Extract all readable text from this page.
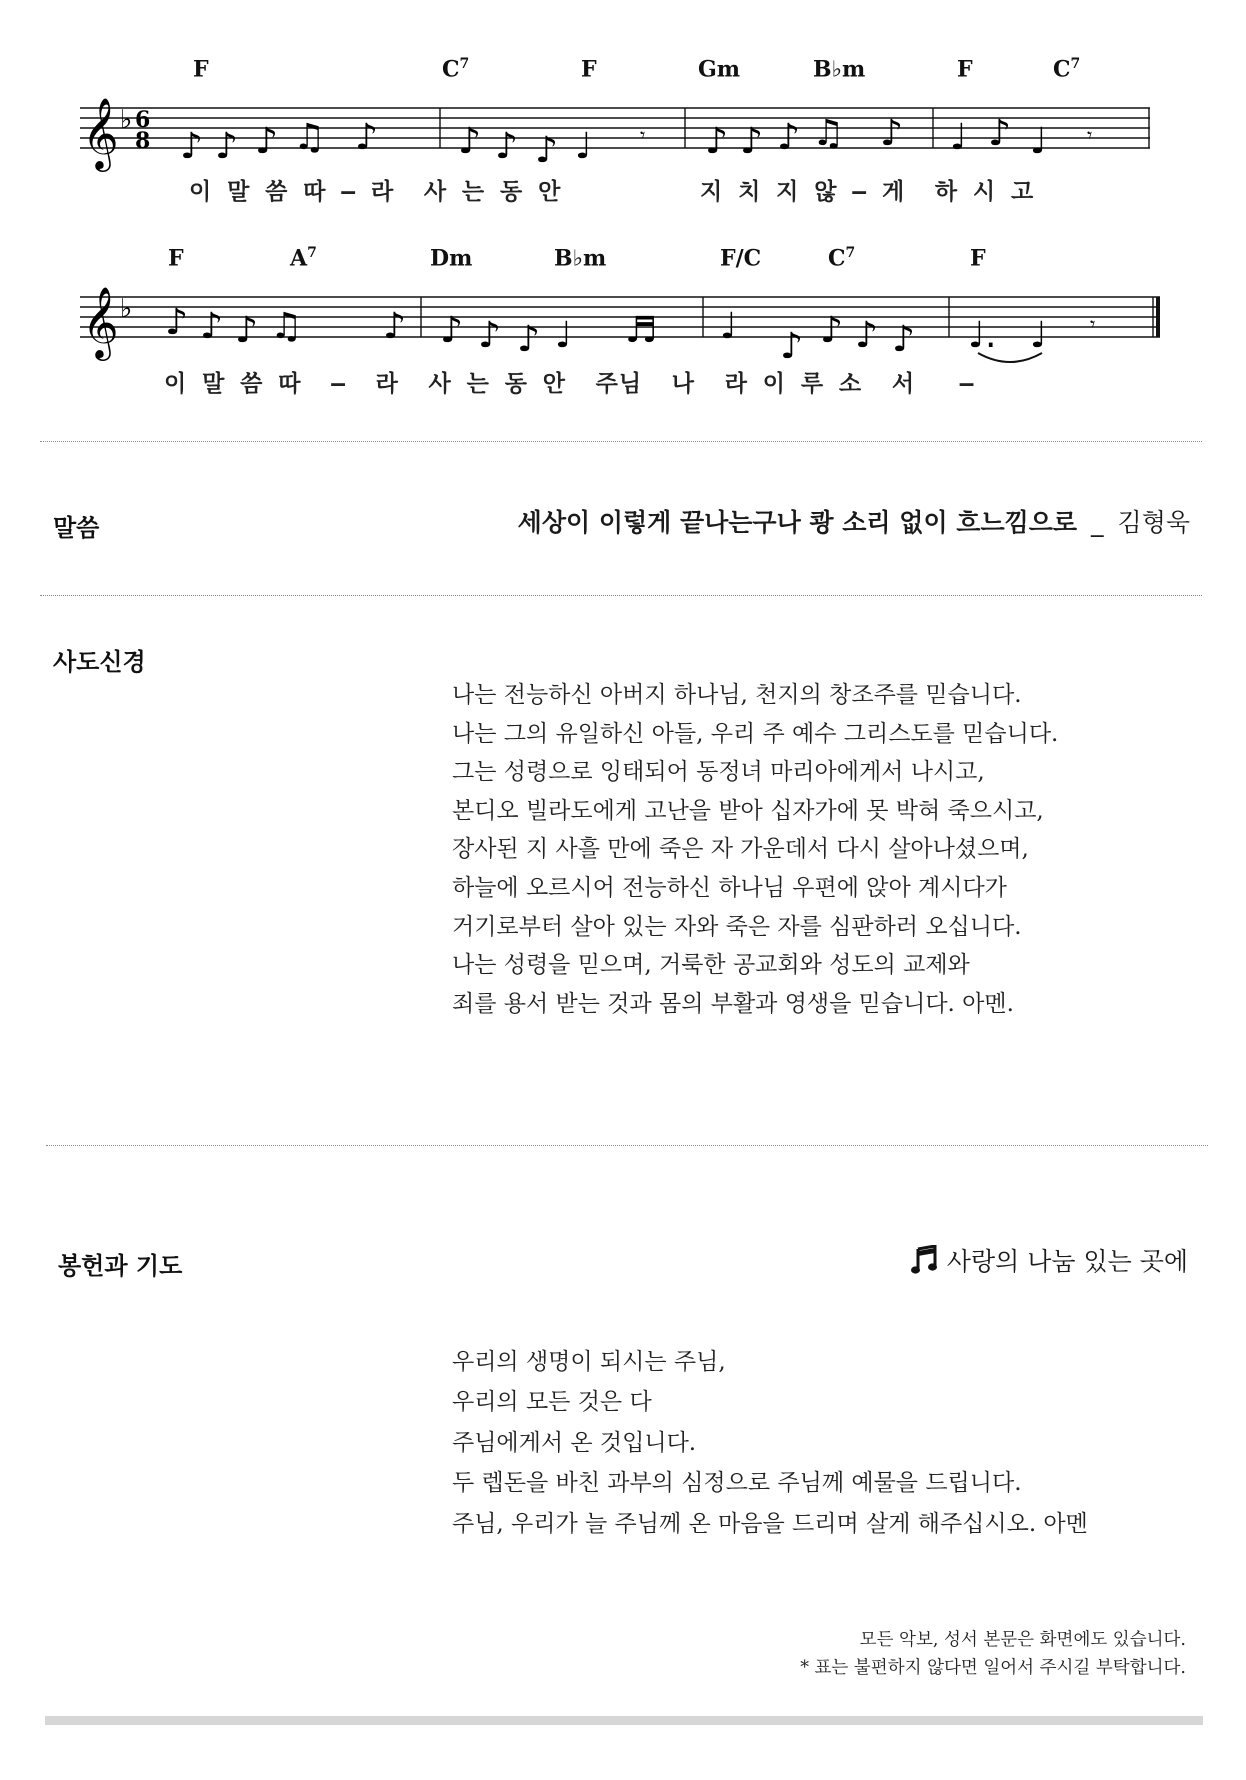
F	$C^7$	F	Gm	B♭m	F	$C^7$
𝄞 ♭ 6
8 ♪ ♪ ♪ ♫ ♪ ♪ ♪ ♪ ♩ 𝄾 ♪ ♪ ♪ ♫ ♪ ♩ ♪ ♩ 𝄾
이 말 씀 따 – 라  사 는 동 안	지 치 지 않 – 게  하 시 고
F	$A^7$	Dm	B♭m	F/C	$C^7$	F
𝄞 ♭ ♪ ♪ ♪ ♫ ♪ ♪ ♪ ♪ ♩ ♬ ♩ ♪ ♪ ♪ ♪ ♩. ♩ 𝄾
이 말 씀 따  –  라  사 는 동 안  주님  나  라 이 루 소  서   –
말씀	세상이 이렇게 끝나는구나 쾅 소리 없이 흐느낌으로 _ 김형욱
사도신경
나는 전능하신 아버지 하나님, 천지의 창조주를 믿습니다.
나는 그의 유일하신 아들, 우리 주 예수 그리스도를 믿습니다.
그는 성령으로 잉태되어 동정녀 마리아에게서 나시고,
본디오 빌라도에게 고난을 받아 십자가에 못 박혀 죽으시고,
장사된 지 사흘 만에 죽은 자 가운데서 다시 살아나셨으며,
하늘에 오르시어 전능하신 하나님 우편에 앉아 계시다가
거기로부터 살아 있는 자와 죽은 자를 심판하러 오십니다.
나는 성령을 믿으며, 거룩한 공교회와 성도의 교제와
죄를 용서 받는 것과 몸의 부활과 영생을 믿습니다. 아멘.
봉헌과 기도	사랑의 나눔 있는 곳에
우리의 생명이 되시는 주님,
우리의 모든 것은 다
주님에게서 온 것입니다.
두 렙돈을 바친 과부의 심정으로 주님께 예물을 드립니다.
주님, 우리가 늘 주님께 온 마음을 드리며 살게 해주십시오. 아멘
모든 악보, 성서 본문은 화면에도 있습니다.
* 표는 불편하지 않다면 일어서 주시길 부탁합니다.
